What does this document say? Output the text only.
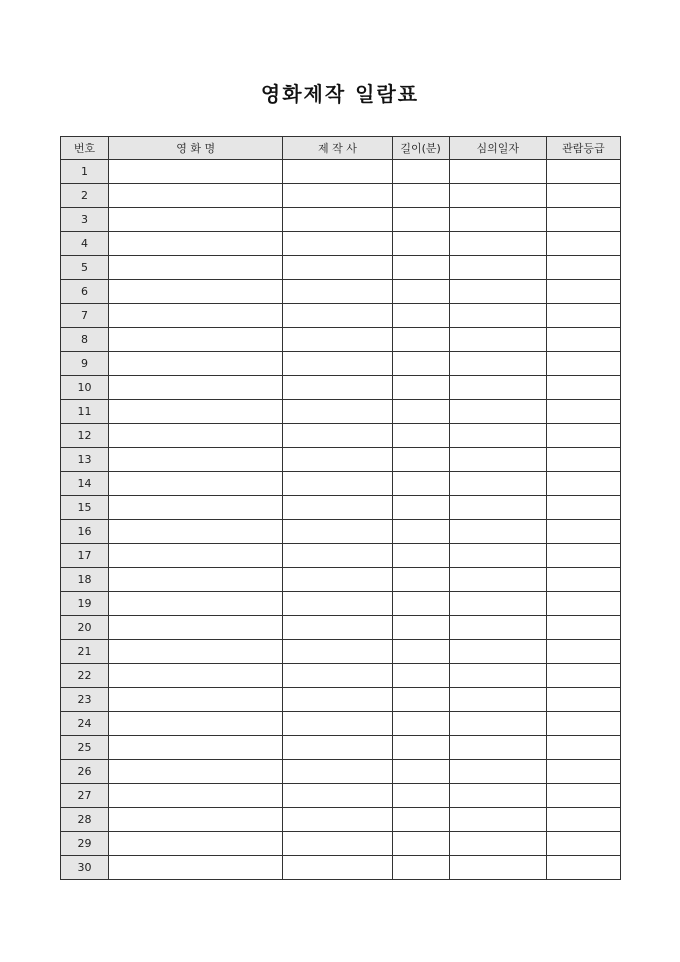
영화제작 일람표
번호	영 화 명	제 작 사	길이(분)	심의일자	관람등급
1					
2					
3					
4					
5					
6					
7					
8					
9					
10					
11					
12					
13					
14					
15					
16					
17					
18					
19					
20					
21					
22					
23					
24					
25					
26					
27					
28					
29					
30					
